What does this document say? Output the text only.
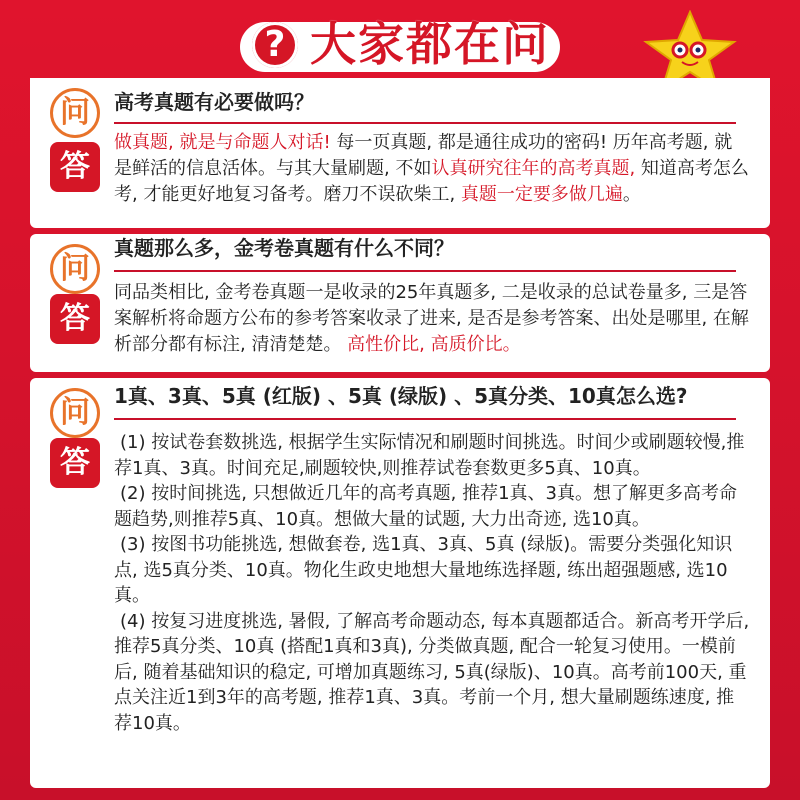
? 大家都在问
问	高考真题有必要做吗？
答
做真题, 就是与命题人对话! 每一页真题, 都是通往成功的密码! 历年高考题, 就是鲜活的信息活体。与其大量刷题, 不如认真研究往年的高考真题, 知道高考怎么考, 才能更好地复习备考。磨刀不误砍柴工, 真题一定要多做几遍。
问
真题那么多，金考卷真题有什么不同？
答
同品类相比, 金考卷真题一是收录的25年真题多, 二是收录的总试卷量多, 三是答案解析将命题方公布的参考答案收录了进来, 是否是参考答案、出处是哪里, 在解析部分都有标注, 清清楚楚。 高性价比, 高质价比。
问	1真、3真、5真 (红版) 、5真 (绿版) 、5真分类、10真怎么选?
答

(1) 按试卷套数挑选, 根据学生实际情况和刷题时间挑选。时间少或刷题较慢,推荐1真、3真。时间充足,刷题较快,则推荐试卷套数更多5真、10真。

(2) 按时间挑选, 只想做近几年的高考真题, 推荐1真、3真。想了解更多高考命题趋势,则推荐5真、10真。想做大量的试题, 大力出奇迹, 选10真。

(3) 按图书功能挑选, 想做套卷, 选1真、3真、5真 (绿版)。需要分类强化知识点, 选5真分类、10真。物化生政史地想大量地练选择题, 练出超强题感, 选10真。

(4) 按复习进度挑选, 暑假, 了解高考命题动态, 每本真题都适合。新高考开学后, 推荐5真分类、10真 (搭配1真和3真), 分类做真题, 配合一轮复习使用。一模前后, 随着基础知识的稳定, 可增加真题练习, 5真(绿版)、10真。高考前100天, 重点关注近1到3年的高考题, 推荐1真、3真。考前一个月, 想大量刷题练速度, 推荐10真。
